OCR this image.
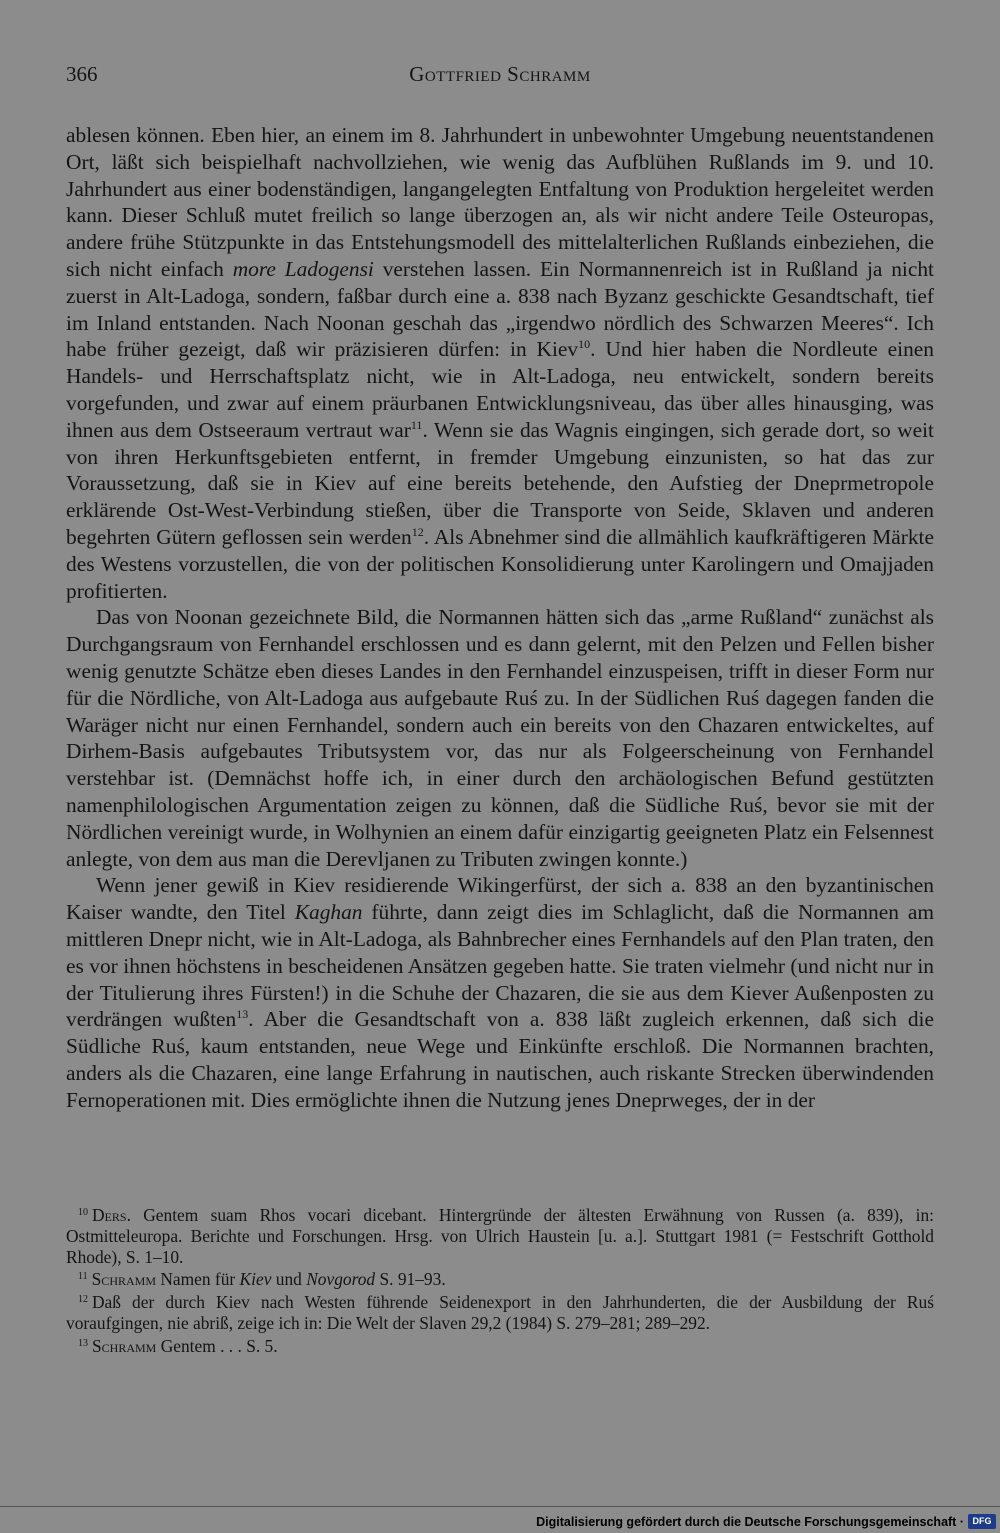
366	Gottfried Schramm

ablesen können. Eben hier, an einem im 8. Jahrhundert in unbewohnter Umgebung neuentstandenen Ort, läßt sich beispielhaft nachvollziehen, wie wenig das Aufblühen Rußlands im 9. und 10. Jahrhundert aus einer bodenständigen, langangelegten Entfaltung von Produktion hergeleitet werden kann. Dieser Schluß mutet freilich so lange überzogen an, als wir nicht andere Teile Osteuropas, andere frühe Stützpunkte in das Entstehungsmodell des mittelalterlichen Rußlands einbeziehen, die sich nicht einfach more Ladogensi verstehen lassen. Ein Normannenreich ist in Rußland ja nicht zuerst in Alt-Ladoga, sondern, faßbar durch eine a. 838 nach Byzanz geschickte Gesandtschaft, tief im Inland entstanden. Nach Noonan geschah das „irgendwo nördlich des Schwarzen Meeres“. Ich habe früher gezeigt, daß wir präzisieren dürfen: in Kiev$^{10}$. Und hier haben die Nordleute einen Handels- und Herrschaftsplatz nicht, wie in Alt-Ladoga, neu entwickelt, sondern bereits vorgefunden, und zwar auf einem präurbanen Entwicklungsniveau, das über alles hinausging, was ihnen aus dem Ostseeraum vertraut war$^{11}$. Wenn sie das Wagnis eingingen, sich gerade dort, so weit von ihren Herkunftsgebieten entfernt, in fremder Umgebung einzunisten, so hat das zur Voraussetzung, daß sie in Kiev auf eine bereits betehende, den Aufstieg der Dneprmetropole erklärende Ost-West-Verbindung stießen, über die Transporte von Seide, Sklaven und anderen begehrten Gütern geflossen sein werden$^{12}$. Als Abnehmer sind die allmählich kaufkräftigeren Märkte des Westens vorzustellen, die von der politischen Konsolidierung unter Karolingern und Omajjaden profitierten.

Das von Noonan gezeichnete Bild, die Normannen hätten sich das „arme Rußland“ zunächst als Durchgangsraum von Fernhandel erschlossen und es dann gelernt, mit den Pelzen und Fellen bisher wenig genutzte Schätze eben dieses Landes in den Fernhandel einzuspeisen, trifft in dieser Form nur für die Nördliche, von Alt-Ladoga aus aufgebaute Ruś zu. In der Südlichen Ruś dagegen fanden die Waräger nicht nur einen Fernhandel, sondern auch ein bereits von den Chazaren entwickeltes, auf Dirhem-Basis aufgebautes Tributsystem vor, das nur als Folgeerscheinung von Fernhandel verstehbar ist. (Demnächst hoffe ich, in einer durch den archäologischen Befund gestützten namenphilologischen Argumentation zeigen zu können, daß die Südliche Ruś, bevor sie mit der Nördlichen vereinigt wurde, in Wolhynien an einem dafür einzigartig geeigneten Platz ein Felsennest anlegte, von dem aus man die Derevljanen zu Tributen zwingen konnte.)

Wenn jener gewiß in Kiev residierende Wikingerfürst, der sich a. 838 an den byzantinischen Kaiser wandte, den Titel Kaghan führte, dann zeigt dies im Schlaglicht, daß die Normannen am mittleren Dnepr nicht, wie in Alt-Ladoga, als Bahnbrecher eines Fernhandels auf den Plan traten, den es vor ihnen höchstens in bescheidenen Ansätzen gegeben hatte. Sie traten vielmehr (und nicht nur in der Titulierung ihres Fürsten!) in die Schuhe der Chazaren, die sie aus dem Kiever Außenposten zu verdrängen wußten$^{13}$. Aber die Gesandtschaft von a. 838 läßt zugleich erkennen, daß sich die Südliche Ruś, kaum entstanden, neue Wege und Einkünfte erschloß. Die Normannen brachten, anders als die Chazaren, eine lange Erfahrung in nautischen, auch riskante Strecken überwindenden Fernoperationen mit. Dies ermöglichte ihnen die Nutzung jenes Dneprweges, der in der

$^{10}$ Ders. Gentem suam Rhos vocari dicebant. Hintergründe der ältesten Erwähnung von Russen (a. 839), in: Ostmitteleuropa. Berichte und Forschungen. Hrsg. von Ulrich Haustein [u. a.]. Stuttgart 1981 (= Festschrift Gotthold Rhode), S. 1–10.

$^{11}$ Schramm Namen für Kiev und Novgorod S. 91–93.

$^{12}$ Daß der durch Kiev nach Westen führende Seidenexport in den Jahrhunderten, die der Ausbildung der Ruś voraufgingen, nie abriß, zeige ich in: Die Welt der Slaven 29,2 (1984) S. 279–281; 289–292.

$^{13}$ Schramm Gentem . . . S. 5.

Digitalisierung gefördert durch die Deutsche Forschungsgemeinschaft · DFG
